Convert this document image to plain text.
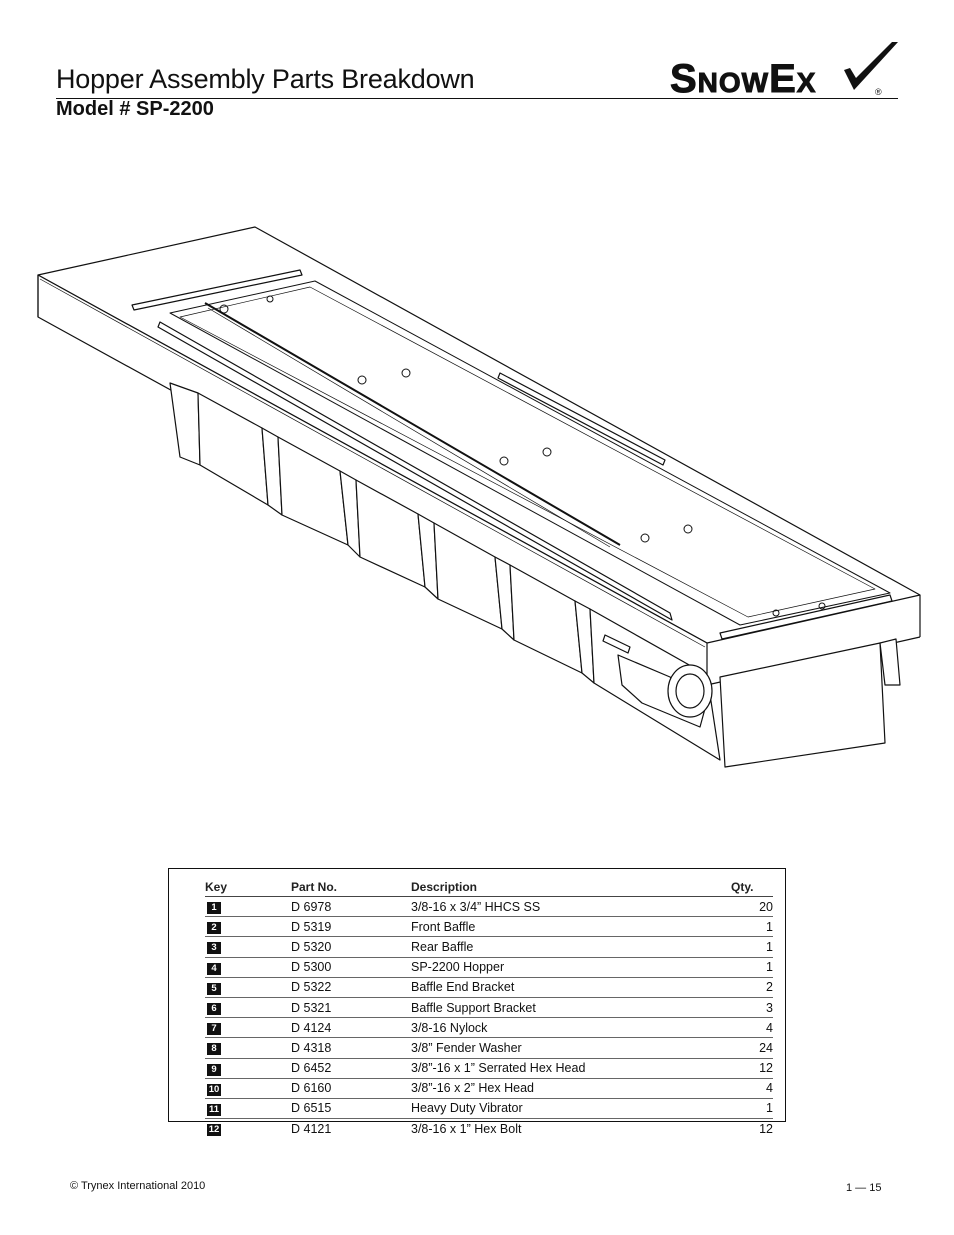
Hopper Assembly Parts Breakdown
Model # SP-2200
SnowEx	®
Key	Part No.	Description	Qty.
1	D 6978	3/8-16 x 3/4” HHCS SS	20
2	D 5319	Front Baffle	1
3	D 5320	Rear Baffle	1
4	D 5300	SP-2200 Hopper	1
5	D 5322	Baffle End Bracket	2
6	D 5321	Baffle Support Bracket	3
7	D 4124	3/8-16 Nylock	4
8	D 4318	3/8” Fender Washer	24
9	D 6452	3/8”-16 x 1” Serrated Hex Head	12
10	D 6160	3/8”-16 x 2” Hex Head	4
11	D 6515	Heavy Duty Vibrator	1
12	D 4121	3/8-16 x 1” Hex Bolt	12
© Trynex International 2010	1 — 15
